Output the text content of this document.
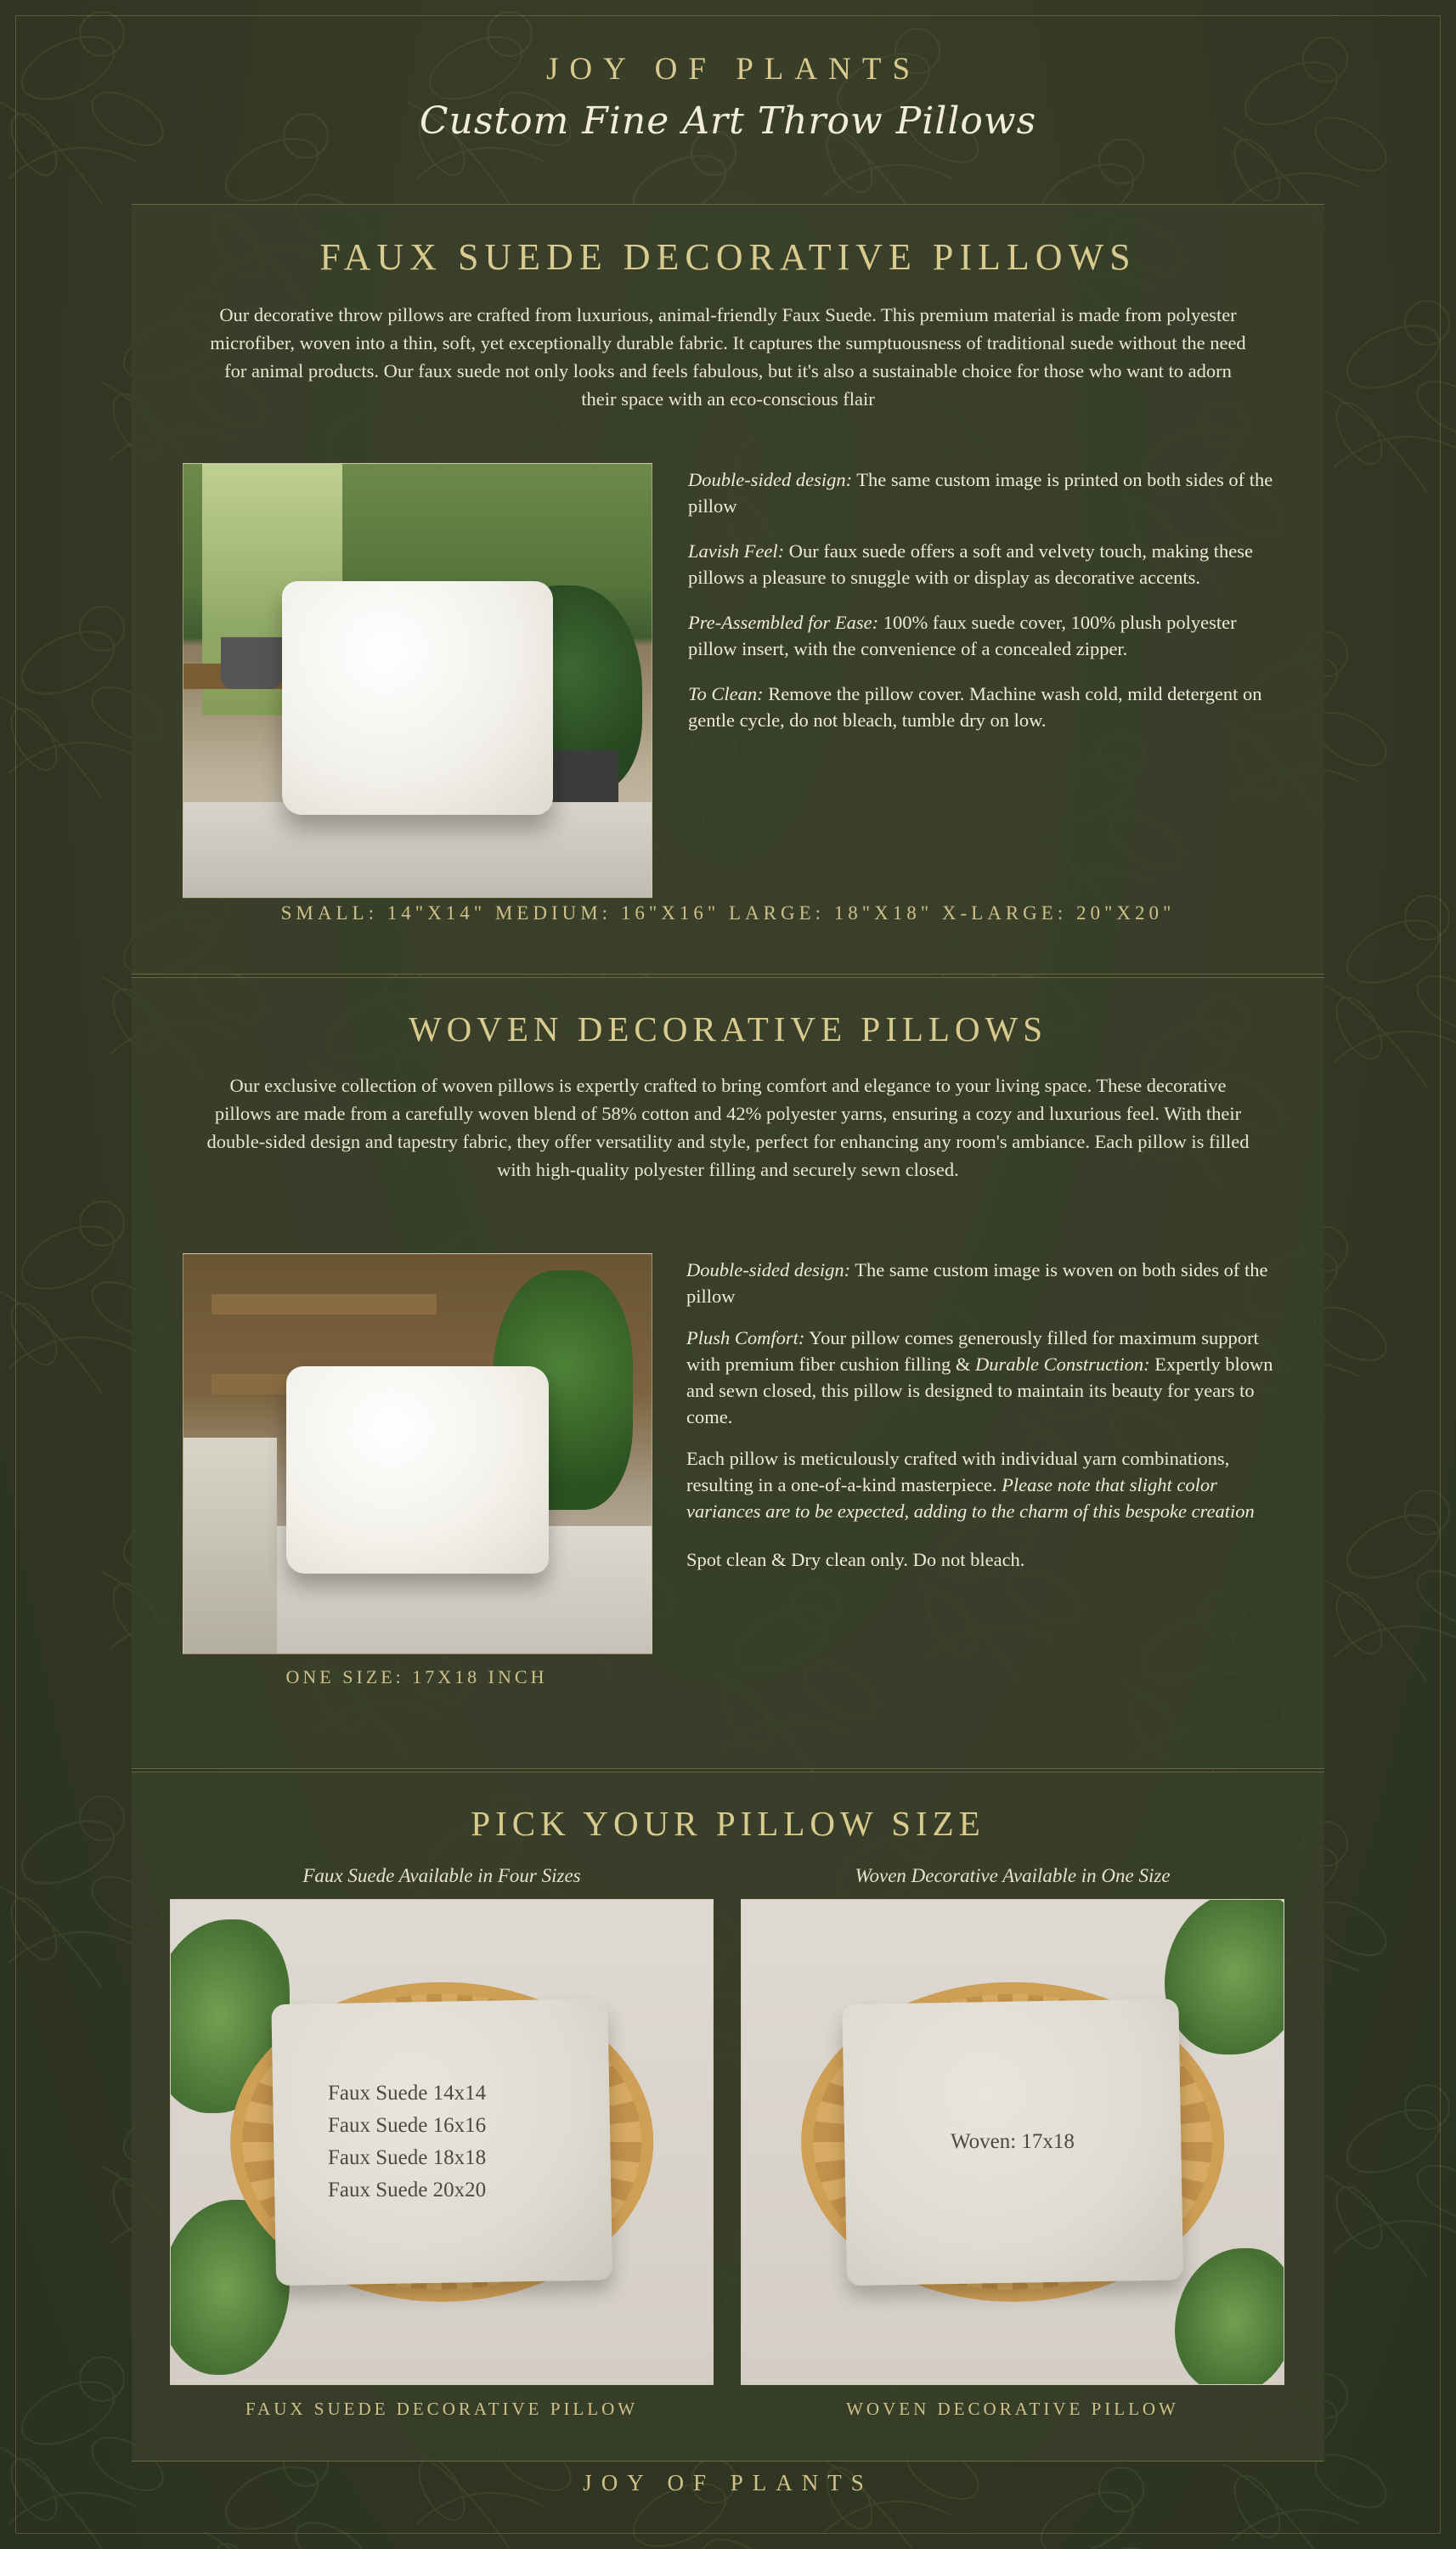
JOY OF PLANTS
Custom Fine Art Throw Pillows
FAUX SUEDE DECORATIVE PILLOWS
Our decorative throw pillows are crafted from luxurious, animal-friendly Faux Suede. This premium material is made from polyester microfiber, woven into a thin, soft, yet exceptionally durable fabric. It captures the sumptuousness of traditional suede without the need for animal products. Our faux suede not only looks and feels fabulous, but it's also a sustainable choice for those who want to adorn their space with an eco-conscious flair
Double-sided design: The same custom image is printed on both sides of the pillow
Lavish Feel: Our faux suede offers a soft and velvety touch, making these pillows a pleasure to snuggle with or display as decorative accents.
Pre-Assembled for Ease: 100% faux suede cover, 100% plush polyester pillow insert, with the convenience of a concealed zipper.
To Clean: Remove the pillow cover. Machine wash cold, mild detergent on gentle cycle, do not bleach, tumble dry on low.
SMALL: 14"X14" MEDIUM: 16"X16" LARGE: 18"X18" X-LARGE: 20"X20"
WOVEN DECORATIVE PILLOWS
Our exclusive collection of woven pillows is expertly crafted to bring comfort and elegance to your living space. These decorative pillows are made from a carefully woven blend of 58% cotton and 42% polyester yarns, ensuring a cozy and luxurious feel. With their double-sided design and tapestry fabric, they offer versatility and style, perfect for enhancing any room's ambiance. Each pillow is filled with high-quality polyester filling and securely sewn closed.
ONE SIZE: 17X18 INCH
Double-sided design: The same custom image is woven on both sides of the pillow
Plush Comfort: Your pillow comes generously filled for maximum support with premium fiber cushion filling & Durable Construction: Expertly blown and sewn closed, this pillow is designed to maintain its beauty for years to come.
Each pillow is meticulously crafted with individual yarn combinations, resulting in a one-of-a-kind masterpiece. Please note that slight color variances are to be expected, adding to the charm of this bespoke creation
Spot clean & Dry clean only. Do not bleach.
PICK YOUR PILLOW SIZE
Faux Suede Available in Four Sizes
Faux Suede 14x14
Faux Suede 16x16
Faux Suede 18x18
Faux Suede 20x20
FAUX SUEDE DECORATIVE PILLOW
Woven Decorative Available in One Size
Woven: 17x18
WOVEN DECORATIVE PILLOW
JOY OF PLANTS
